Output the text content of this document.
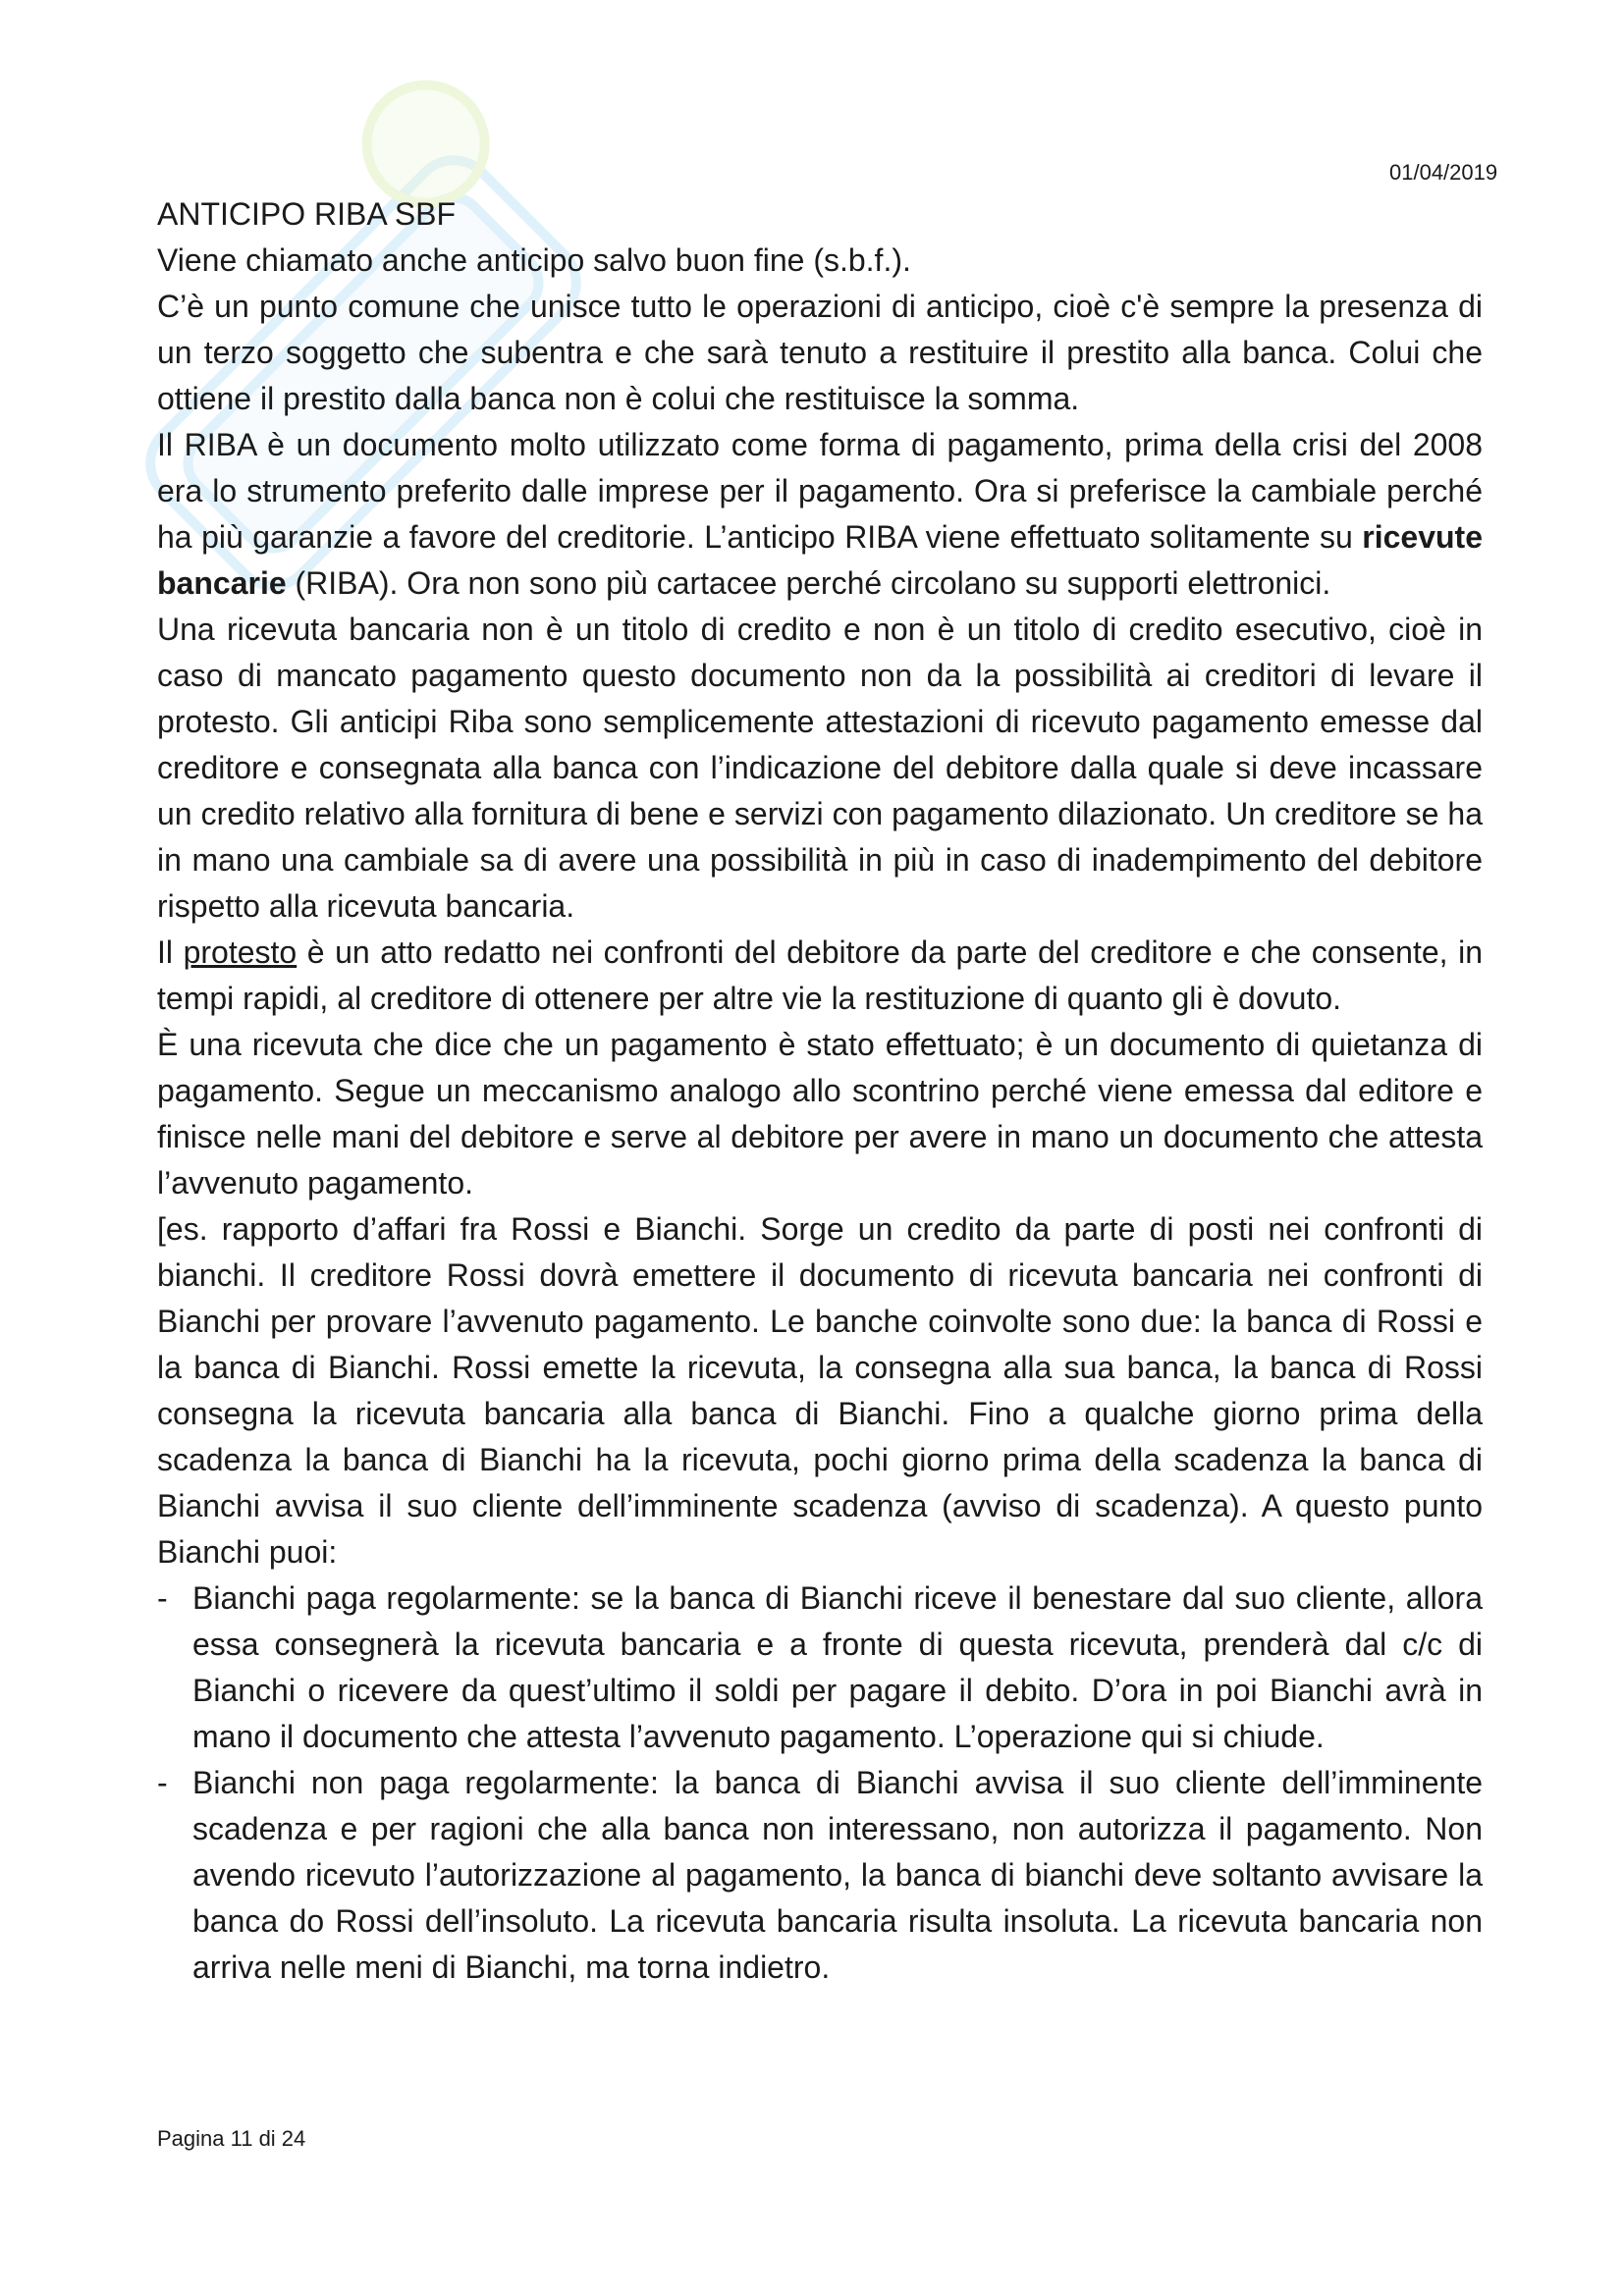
01/04/2019

ANTICIPO RIBA SBF

Viene chiamato anche anticipo salvo buon fine (s.b.f.).

C’è un punto comune che unisce tutto le operazioni di anticipo, cioè c'è sempre la presenza di un terzo soggetto che subentra e che sarà tenuto a restituire il prestito alla banca. Colui che ottiene il prestito dalla banca non è colui che restituisce la somma.

Il RIBA è un documento molto utilizzato come forma di pagamento, prima della crisi del 2008 era lo strumento preferito dalle imprese per il pagamento. Ora si preferisce la cambiale perché ha più garanzie a favore del creditorie. L’anticipo RIBA viene effettuato solitamente su ricevute bancarie (RIBA). Ora non sono più cartacee perché circolano su supporti elettronici.

Una ricevuta bancaria non è un titolo di credito e non è un titolo di credito esecutivo, cioè in caso di mancato pagamento questo documento non da la possibilità ai creditori di levare il protesto. Gli anticipi Riba sono semplicemente attestazioni di ricevuto pagamento emesse dal creditore e consegnata alla banca con l’indicazione del debitore dalla quale si deve incassare un credito relativo alla fornitura di bene e servizi con pagamento dilazionato. Un creditore se ha in mano una cambiale sa di avere una possibilità in più in caso di inadempimento del debitore rispetto alla ricevuta bancaria.

Il protesto è un atto redatto nei confronti del debitore da parte del creditore e che consente, in tempi rapidi, al creditore di ottenere per altre vie la restituzione di quanto gli è dovuto.

È una ricevuta che dice che un pagamento è stato effettuato; è un documento di quietanza di pagamento. Segue un meccanismo analogo allo scontrino perché viene emessa dal editore e finisce nelle mani del debitore e serve al debitore per avere in mano un documento che attesta l’avvenuto pagamento.

[es. rapporto d’affari fra Rossi e Bianchi. Sorge un credito da parte di posti nei confronti di bianchi. Il creditore Rossi dovrà emettere il documento di ricevuta bancaria nei confronti di Bianchi per provare l’avvenuto pagamento. Le banche coinvolte sono due: la banca di Rossi e la banca di Bianchi. Rossi emette la ricevuta, la consegna alla sua banca, la banca di Rossi consegna la ricevuta bancaria alla banca di Bianchi. Fino a qualche giorno prima della scadenza la banca di Bianchi ha la ricevuta, pochi giorno prima della scadenza la banca di Bianchi avvisa il suo cliente dell’imminente scadenza (avviso di scadenza). A questo punto Bianchi puoi:

- Bianchi paga regolarmente: se la banca di Bianchi riceve il benestare dal suo cliente, allora essa consegnerà la ricevuta bancaria e a fronte di questa ricevuta, prenderà dal c/c di Bianchi o ricevere da quest’ultimo il soldi per pagare il debito. D’ora in poi Bianchi avrà in mano il documento che attesta l’avvenuto pagamento. L’operazione qui si chiude.
- Bianchi non paga regolarmente: la banca di Bianchi avvisa il suo cliente dell’imminente scadenza e per ragioni che alla banca non interessano, non autorizza il pagamento. Non avendo ricevuto l’autorizzazione al pagamento, la banca di bianchi deve soltanto avvisare la banca do Rossi dell’insoluto. La ricevuta bancaria risulta insoluta. La ricevuta bancaria non arriva nelle meni di Bianchi, ma torna indietro.
Pagina 11 di 24
